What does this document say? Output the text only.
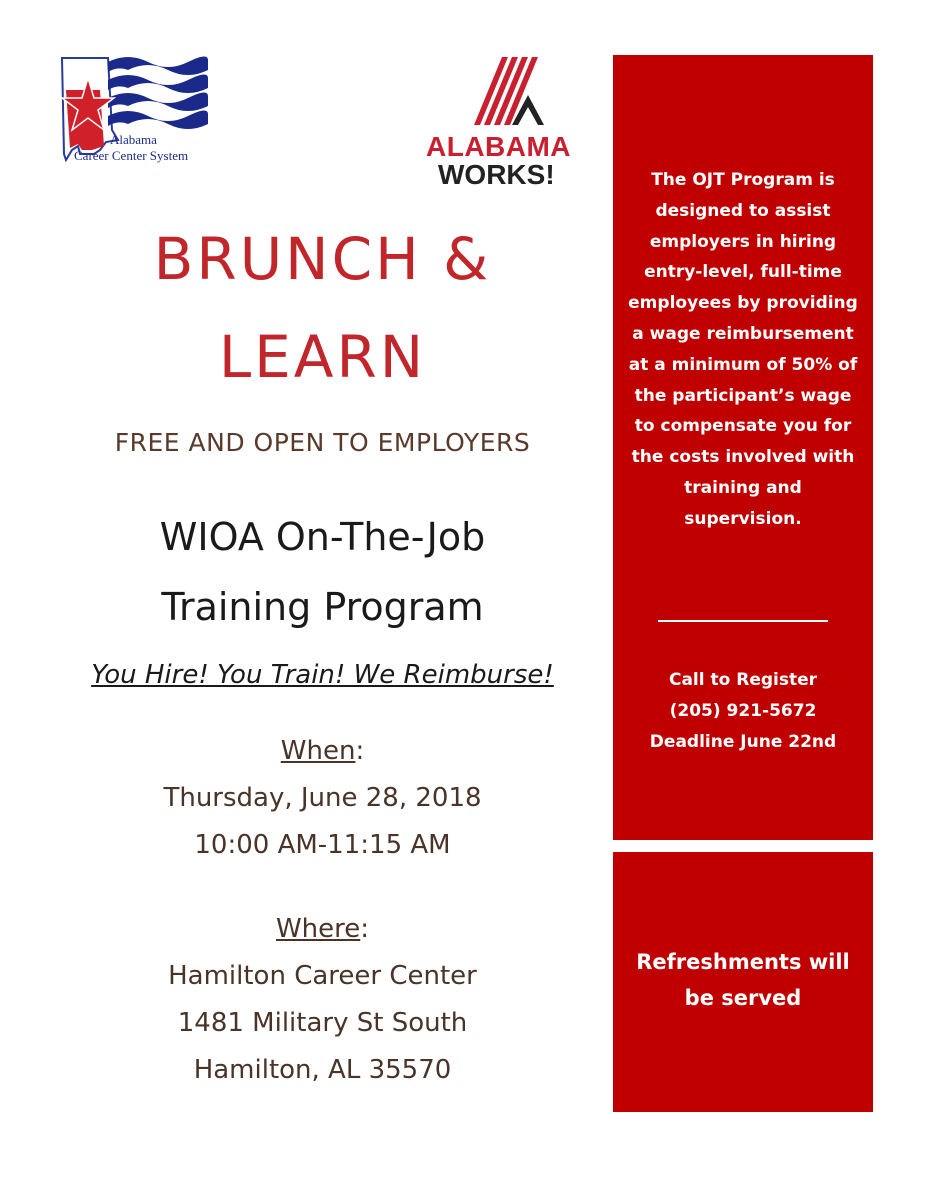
Alabama
Career Center System	ALABAMA
WORKS!
BRUNCH &
LEARN
FREE AND OPEN TO EMPLOYERS
WIOA On-The-Job
Training Program
You Hire! You Train! We Reimburse!
When:
Thursday, June 28, 2018
10:00 AM-11:15 AM
Where:
Hamilton Career Center
1481 Military St South
Hamilton, AL 35570
The OJT Program is designed to assist employers in hiring entry-level, full-time employees by providing a wage reimbursement at a minimum of 50% of the participant’s wage to compensate you for the costs involved with training and supervision.
Call to Register
(205) 921-5672
Deadline June 22nd
Refreshments will be served
